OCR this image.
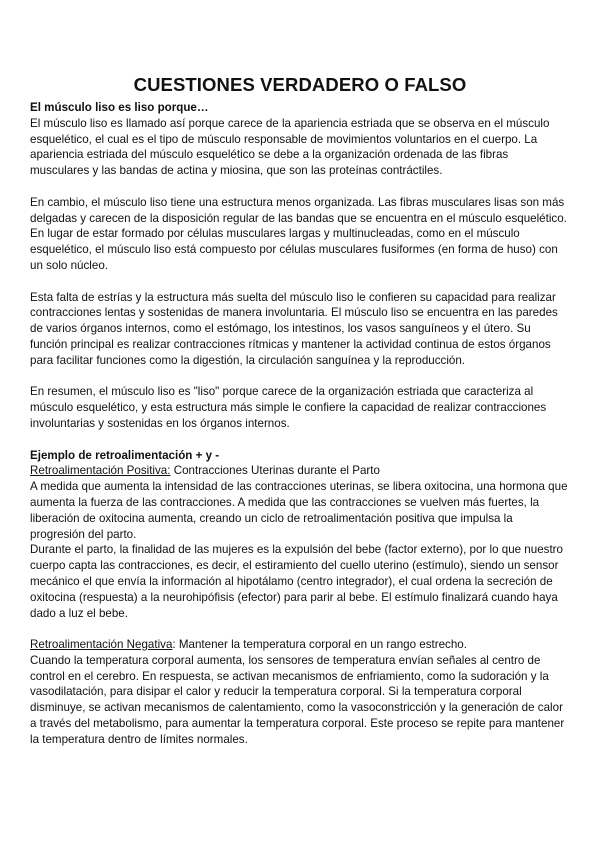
CUESTIONES VERDADERO O FALSO

El músculo liso es liso porque…

El músculo liso es llamado así porque carece de la apariencia estriada que se observa en el músculo esquelético, el cual es el tipo de músculo responsable de movimientos voluntarios en el cuerpo. La apariencia estriada del músculo esquelético se debe a la organización ordenada de las fibras musculares y las bandas de actina y miosina, que son las proteínas contráctiles.

En cambio, el músculo liso tiene una estructura menos organizada. Las fibras musculares lisas son más delgadas y carecen de la disposición regular de las bandas que se encuentra en el músculo esquelético. En lugar de estar formado por células musculares largas y multinucleadas, como en el músculo esquelético, el músculo liso está compuesto por células musculares fusiformes (en forma de huso) con un solo núcleo.

Esta falta de estrías y la estructura más suelta del músculo liso le confieren su capacidad para realizar contracciones lentas y sostenidas de manera involuntaria. El músculo liso se encuentra en las paredes de varios órganos internos, como el estómago, los intestinos, los vasos sanguíneos y el útero. Su función principal es realizar contracciones rítmicas y mantener la actividad continua de estos órganos para facilitar funciones como la digestión, la circulación sanguínea y la reproducción.

En resumen, el músculo liso es "liso" porque carece de la organización estriada que caracteriza al músculo esquelético, y esta estructura más simple le confiere la capacidad de realizar contracciones involuntarias y sostenidas en los órganos internos.

Ejemplo de retroalimentación + y -

Retroalimentación Positiva: Contracciones Uterinas durante el Parto

A medida que aumenta la intensidad de las contracciones uterinas, se libera oxitocina, una hormona que aumenta la fuerza de las contracciones. A medida que las contracciones se vuelven más fuertes, la liberación de oxitocina aumenta, creando un ciclo de retroalimentación positiva que impulsa la progresión del parto.

Durante el parto, la finalidad de las mujeres es la expulsión del bebe (factor externo), por lo que nuestro cuerpo capta las contracciones, es decir, el estiramiento del cuello uterino (estímulo), siendo un sensor mecánico el que envía la información al hipotálamo (centro integrador), el cual ordena la secreción de oxitocina (respuesta) a la neurohipófisis (efector) para parir al bebe. El estímulo finalizará cuando haya dado a luz el bebe.

Retroalimentación Negativa: Mantener la temperatura corporal en un rango estrecho.

Cuando la temperatura corporal aumenta, los sensores de temperatura envían señales al centro de control en el cerebro. En respuesta, se activan mecanismos de enfriamiento, como la sudoración y la vasodilatación, para disipar el calor y reducir la temperatura corporal. Si la temperatura corporal disminuye, se activan mecanismos de calentamiento, como la vasoconstricción y la generación de calor a través del metabolismo, para aumentar la temperatura corporal. Este proceso se repite para mantener la temperatura dentro de límites normales.
